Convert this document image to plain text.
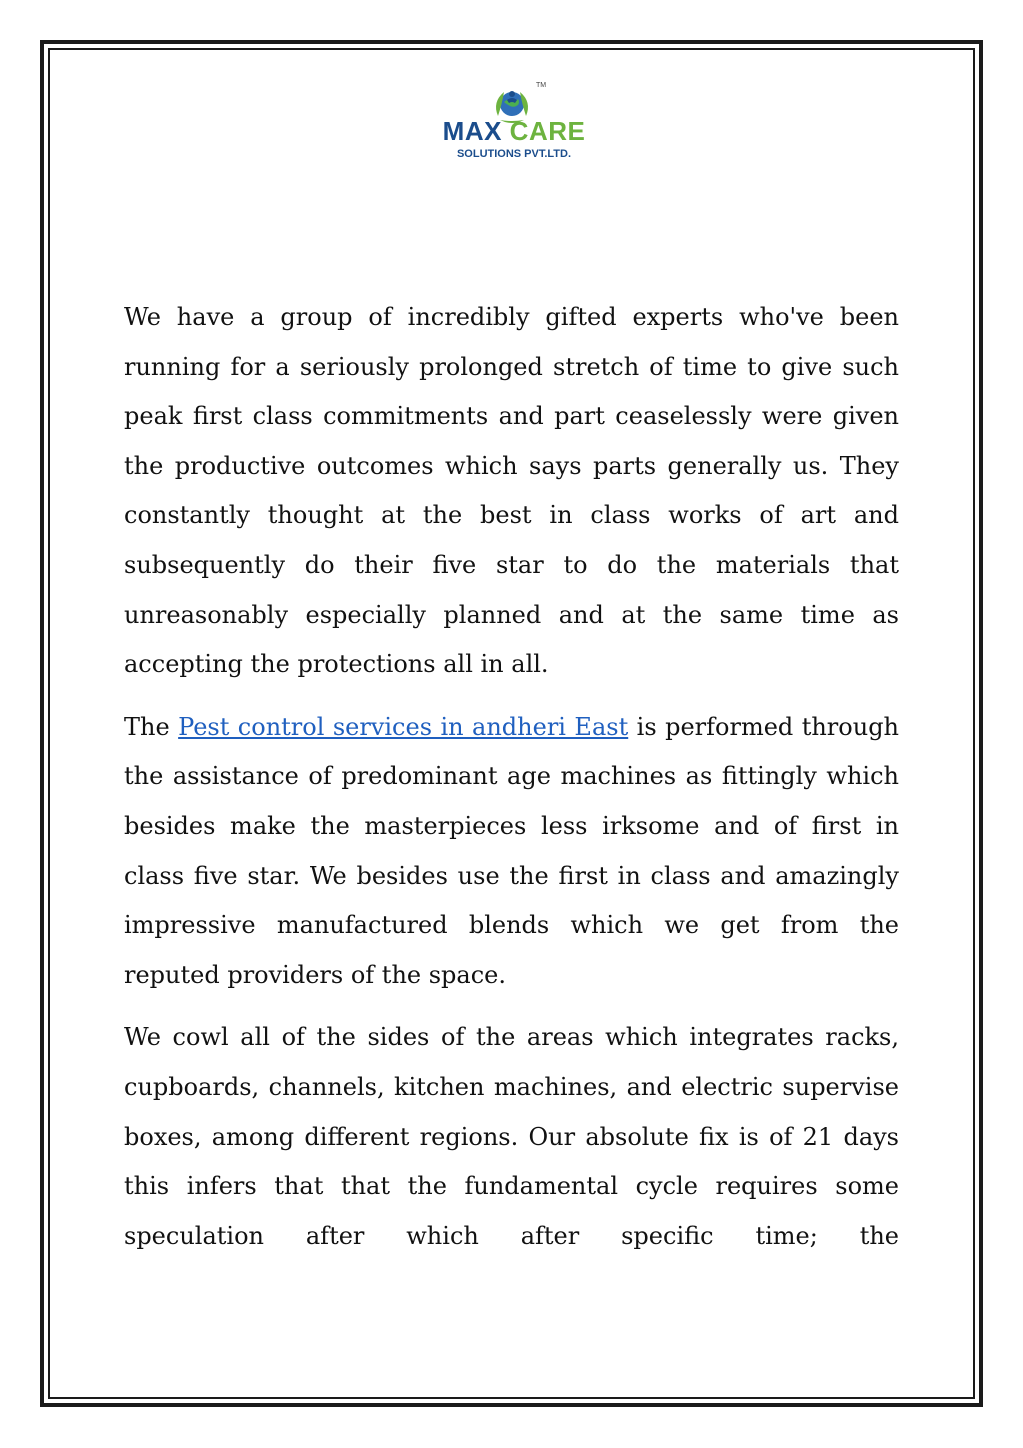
TM
MAX CARE
SOLUTIONS PVT.LTD.

We have a group of incredibly gifted experts who've been running for a seriously prolonged stretch of time to give such peak first class commitments and part ceaselessly were given the productive outcomes which says parts generally us. They constantly thought at the best in class works of art and subsequently do their five star to do the materials that unreasonably especially planned and at the same time as accepting the protections all in all.

The Pest control services in andheri East is performed through the assistance of predominant age machines as fittingly which besides make the masterpieces less irksome and of first in class five star. We besides use the first in class and amazingly impressive manufactured blends which we get from the reputed providers of the space.

We cowl all of the sides of the areas which integrates racks, cupboards, channels, kitchen machines, and electric supervise boxes, among different regions. Our absolute fix is of 21 days this infers that that the fundamental cycle requires some speculation after which after specific time; the
